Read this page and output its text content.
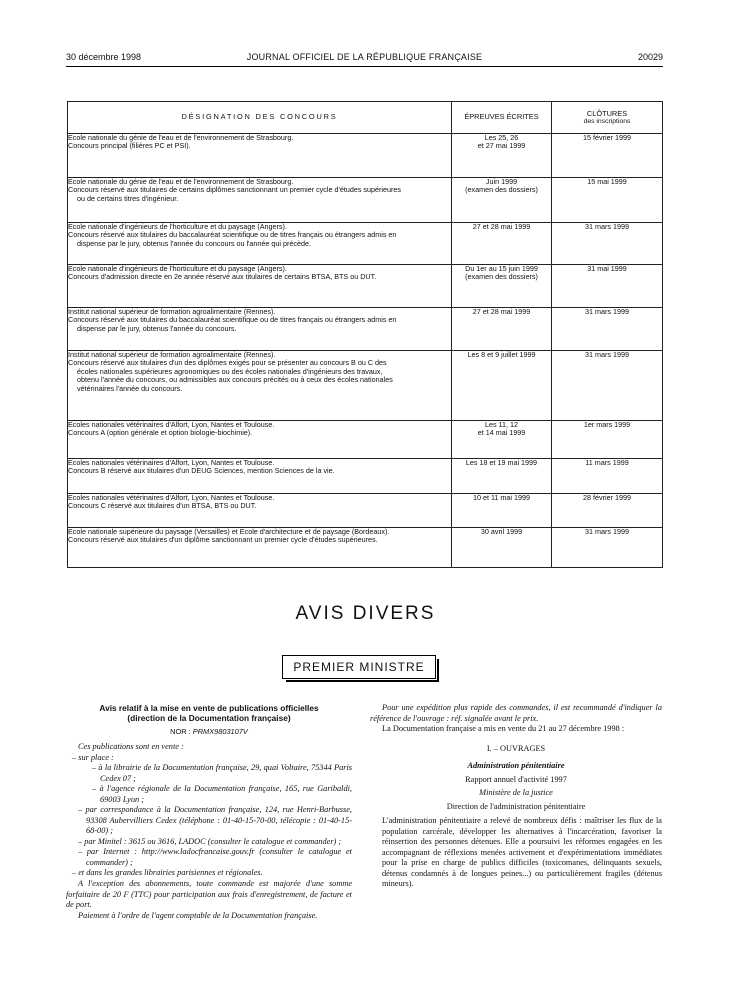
30 décembre 1998	JOURNAL OFFICIEL DE LA RÉPUBLIQUE FRANÇAISE	20029
DÉSIGNATION DES CONCOURS	ÉPREUVES ÉCRITES	CLÔTURES
des inscriptions

Ecole nationale du génie de l'eau et de l'environnement de Strasbourg.
Concours principal (filières PC et PSI).	Les 25, 26
et 27 mai 1999	15 février 1999

Ecole nationale du génie de l'eau et de l'environnement de Strasbourg.
Concours réservé aux titulaires de certains diplômes sanctionnant un premier cycle d'études supérieures
ou de certains titres d'ingénieur.	Juin 1999
(examen des dossiers)	15 mai 1999

Ecole nationale d'ingénieurs de l'horticulture et du paysage (Angers).
Concours réservé aux titulaires du baccalauréat scientifique ou de titres français ou étrangers admis en
dispense par le jury, obtenus l'année du concours ou l'année qui précède.	27 et 28 mai 1999	31 mars 1999

Ecole nationale d'ingénieurs de l'horticulture et du paysage (Angers).
Concours d'admission directe en 2e année réservé aux titulaires de certains BTSA, BTS ou DUT.	Du 1er au 15 juin 1999
(examen des dossiers)	31 mai 1999

Institut national supérieur de formation agroalimentaire (Rennes).
Concours réservé aux titulaires du baccalauréat scientifique ou de titres français ou étrangers admis en
dispense par le jury, obtenus l'année du concours.	27 et 28 mai 1999	31 mars 1999

Institut national supérieur de formation agroalimentaire (Rennes).
Concours réservé aux titulaires d'un des diplômes exigés pour se présenter au concours B ou C des
écoles nationales supérieures agronomiques ou des écoles nationales d'ingénieurs des travaux,
obtenu l'année du concours, ou admissibles aux concours précités ou à ceux des écoles nationales
vétérinaires l'année du concours.	Les 8 et 9 juillet 1999	31 mars 1999

Ecoles nationales vétérinaires d'Alfort, Lyon, Nantes et Toulouse.
Concours A (option générale et option biologie-biochimie).	Les 11, 12
et 14 mai 1999	1er mars 1999

Ecoles nationales vétérinaires d'Alfort, Lyon, Nantes et Toulouse.
Concours B réservé aux titulaires d'un DEUG Sciences, mention Sciences de la vie.	Les 18 et 19 mai 1999	11 mars 1999

Ecoles nationales vétérinaires d'Alfort, Lyon, Nantes et Toulouse.
Concours C réservé aux titulaires d'un BTSA, BTS ou DUT.	10 et 11 mai 1999	28 février 1999

Ecole nationale supérieure du paysage (Versailles) et Ecole d'architecture et de paysage (Bordeaux).
Concours réservé aux titulaires d'un diplôme sanctionnant un premier cycle d'études supérieures.	30 avril 1999	31 mars 1999
AVIS DIVERS
PREMIER MINISTRE
Avis relatif à la mise en vente de publications officielles
(direction de la Documentation française)
NOR : PRMX9803107V
Ces publications sont en vente :
– sur place :
– à la librairie de la Documentation française, 29, quai Voltaire, 75344 Paris Cedex 07 ;
– à l'agence régionale de la Documentation française, 165, rue Garibaldi, 69003 Lyon ;
– par correspondance à la Documentation française, 124, rue Henri-Barbusse, 93308 Aubervilliers Cedex (téléphone : 01-40-15-70-00, télécopie : 01-40-15-68-00) ;
– par Minitel : 3615 ou 3616, LADOC (consulter le catalogue et commander) ;
– par Internet : http://www.ladocfrancaise.gouv.fr (consulter le catalogue et commander) ;
– et dans les grandes librairies parisiennes et régionales.
A l'exception des abonnements, toute commande est majorée d'une somme forfaitaire de 20 F (TTC) pour participation aux frais d'enregistrement, de facture et de port.
Paiement à l'ordre de l'agent comptable de la Documentation française.
Pour une expédition plus rapide des commandes, il est recommandé d'indiquer la référence de l'ouvrage : réf. signalée avant le prix.
La Documentation française a mis en vente du 21 au 27 décembre 1998 :
I. – OUVRAGES
Administration pénitentiaire
Rapport annuel d'activité 1997
Ministère de la justice
Direction de l'administration pénitentiaire
L'administration pénitentiaire a relevé de nombreux défis : maîtriser les flux de la population carcérale, développer les alternatives à l'incarcération, favoriser la réinsertion des personnes détenues. Elle a poursuivi les réformes engagées en les accompagnant de réflexions menées activement et d'expérimentations immédiates pour la prise en charge de publics difficiles (toxicomanes, délinquants sexuels, détenus condamnés à de longues peines...) ou particulièrement fragiles (détenus mineurs).
